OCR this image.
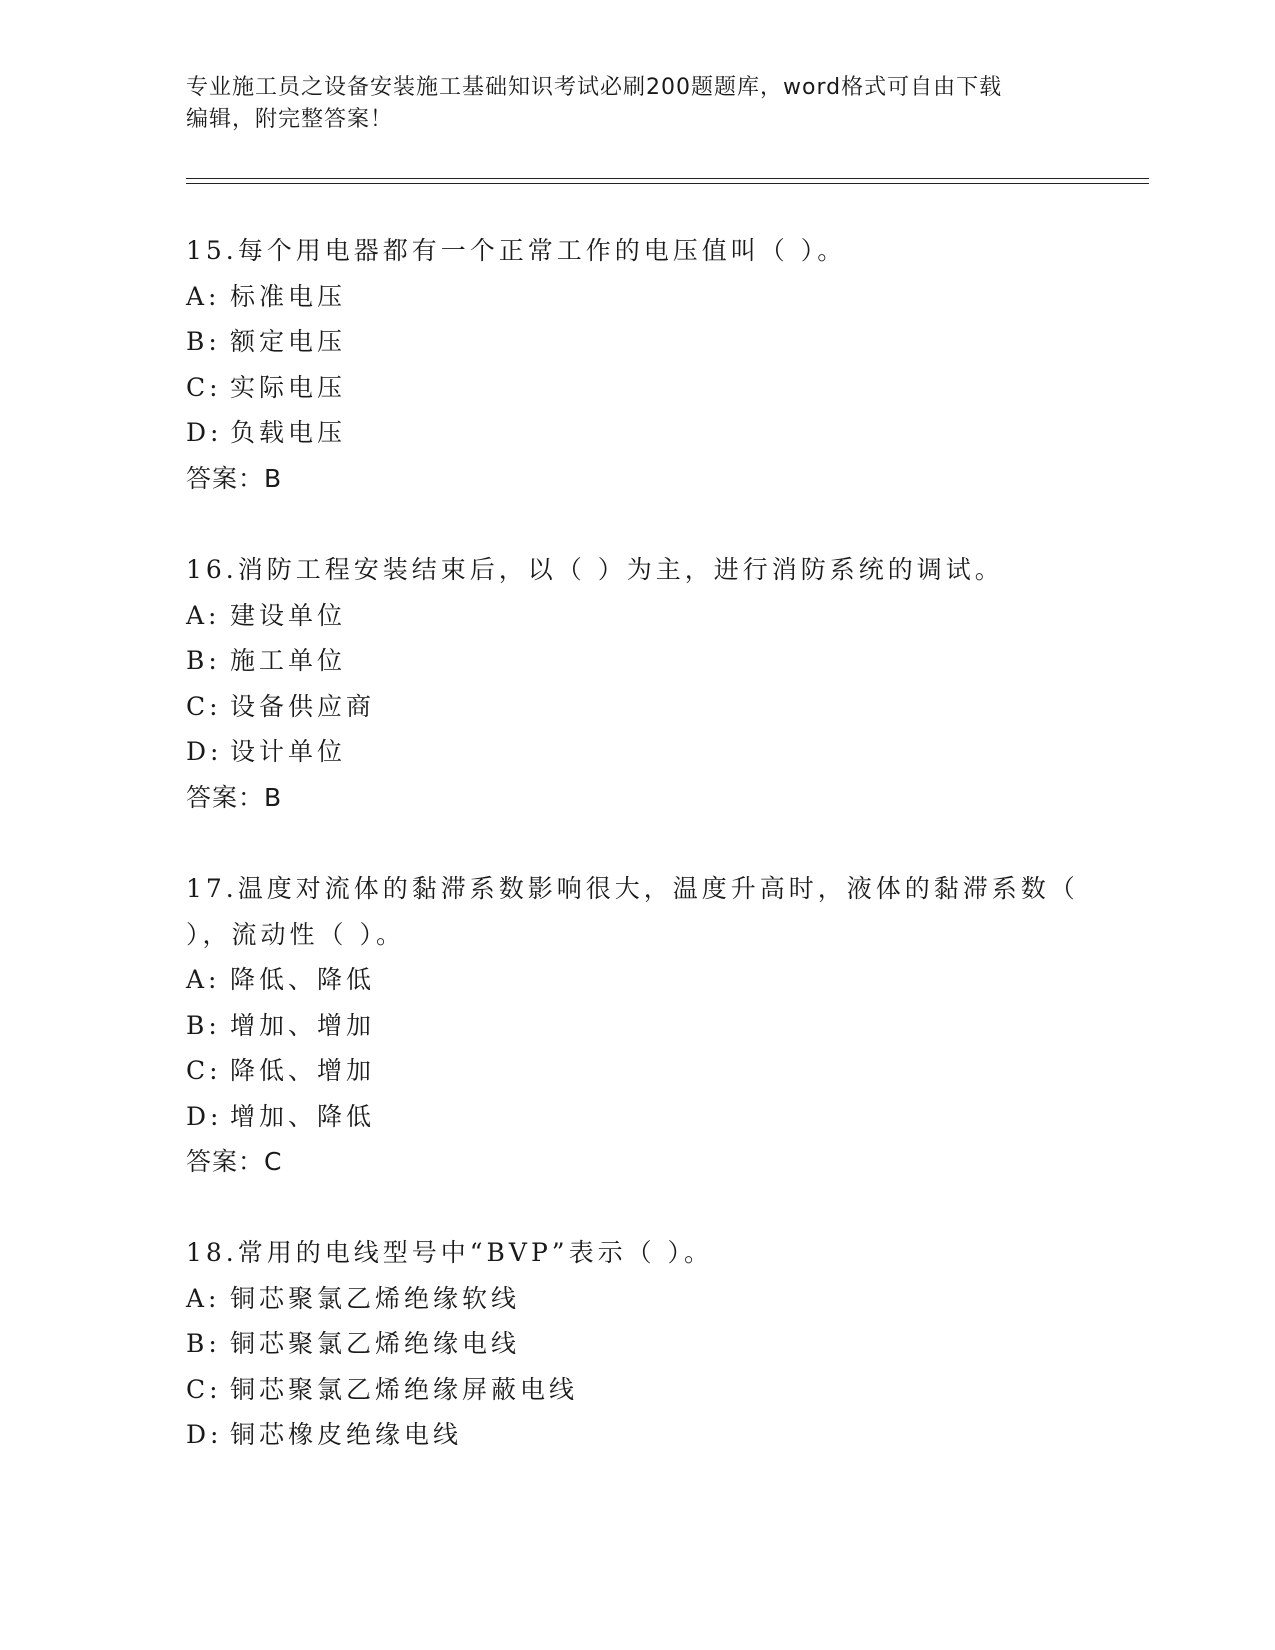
专业施工员之设备安装施工基础知识考试必刷200题题库，word格式可自由下载
编辑，附完整答案！
15.每个用电器都有一个正常工作的电压值叫（ ）。
A: 标准电压
B: 额定电压
C: 实际电压
D: 负载电压
答案：B
16.消防工程安装结束后，以（ ）为主，进行消防系统的调试。
A: 建设单位
B: 施工单位
C: 设备供应商
D: 设计单位
答案：B
17.温度对流体的黏滞系数影响很大，温度升高时，液体的黏滞系数（
），流动性（ ）。
A: 降低、降低
B: 增加、增加
C: 降低、增加
D: 增加、降低
答案：C
18.常用的电线型号中“BVP”表示（ ）。
A: 铜芯聚氯乙烯绝缘软线
B: 铜芯聚氯乙烯绝缘电线
C: 铜芯聚氯乙烯绝缘屏蔽电线
D: 铜芯橡皮绝缘电线
